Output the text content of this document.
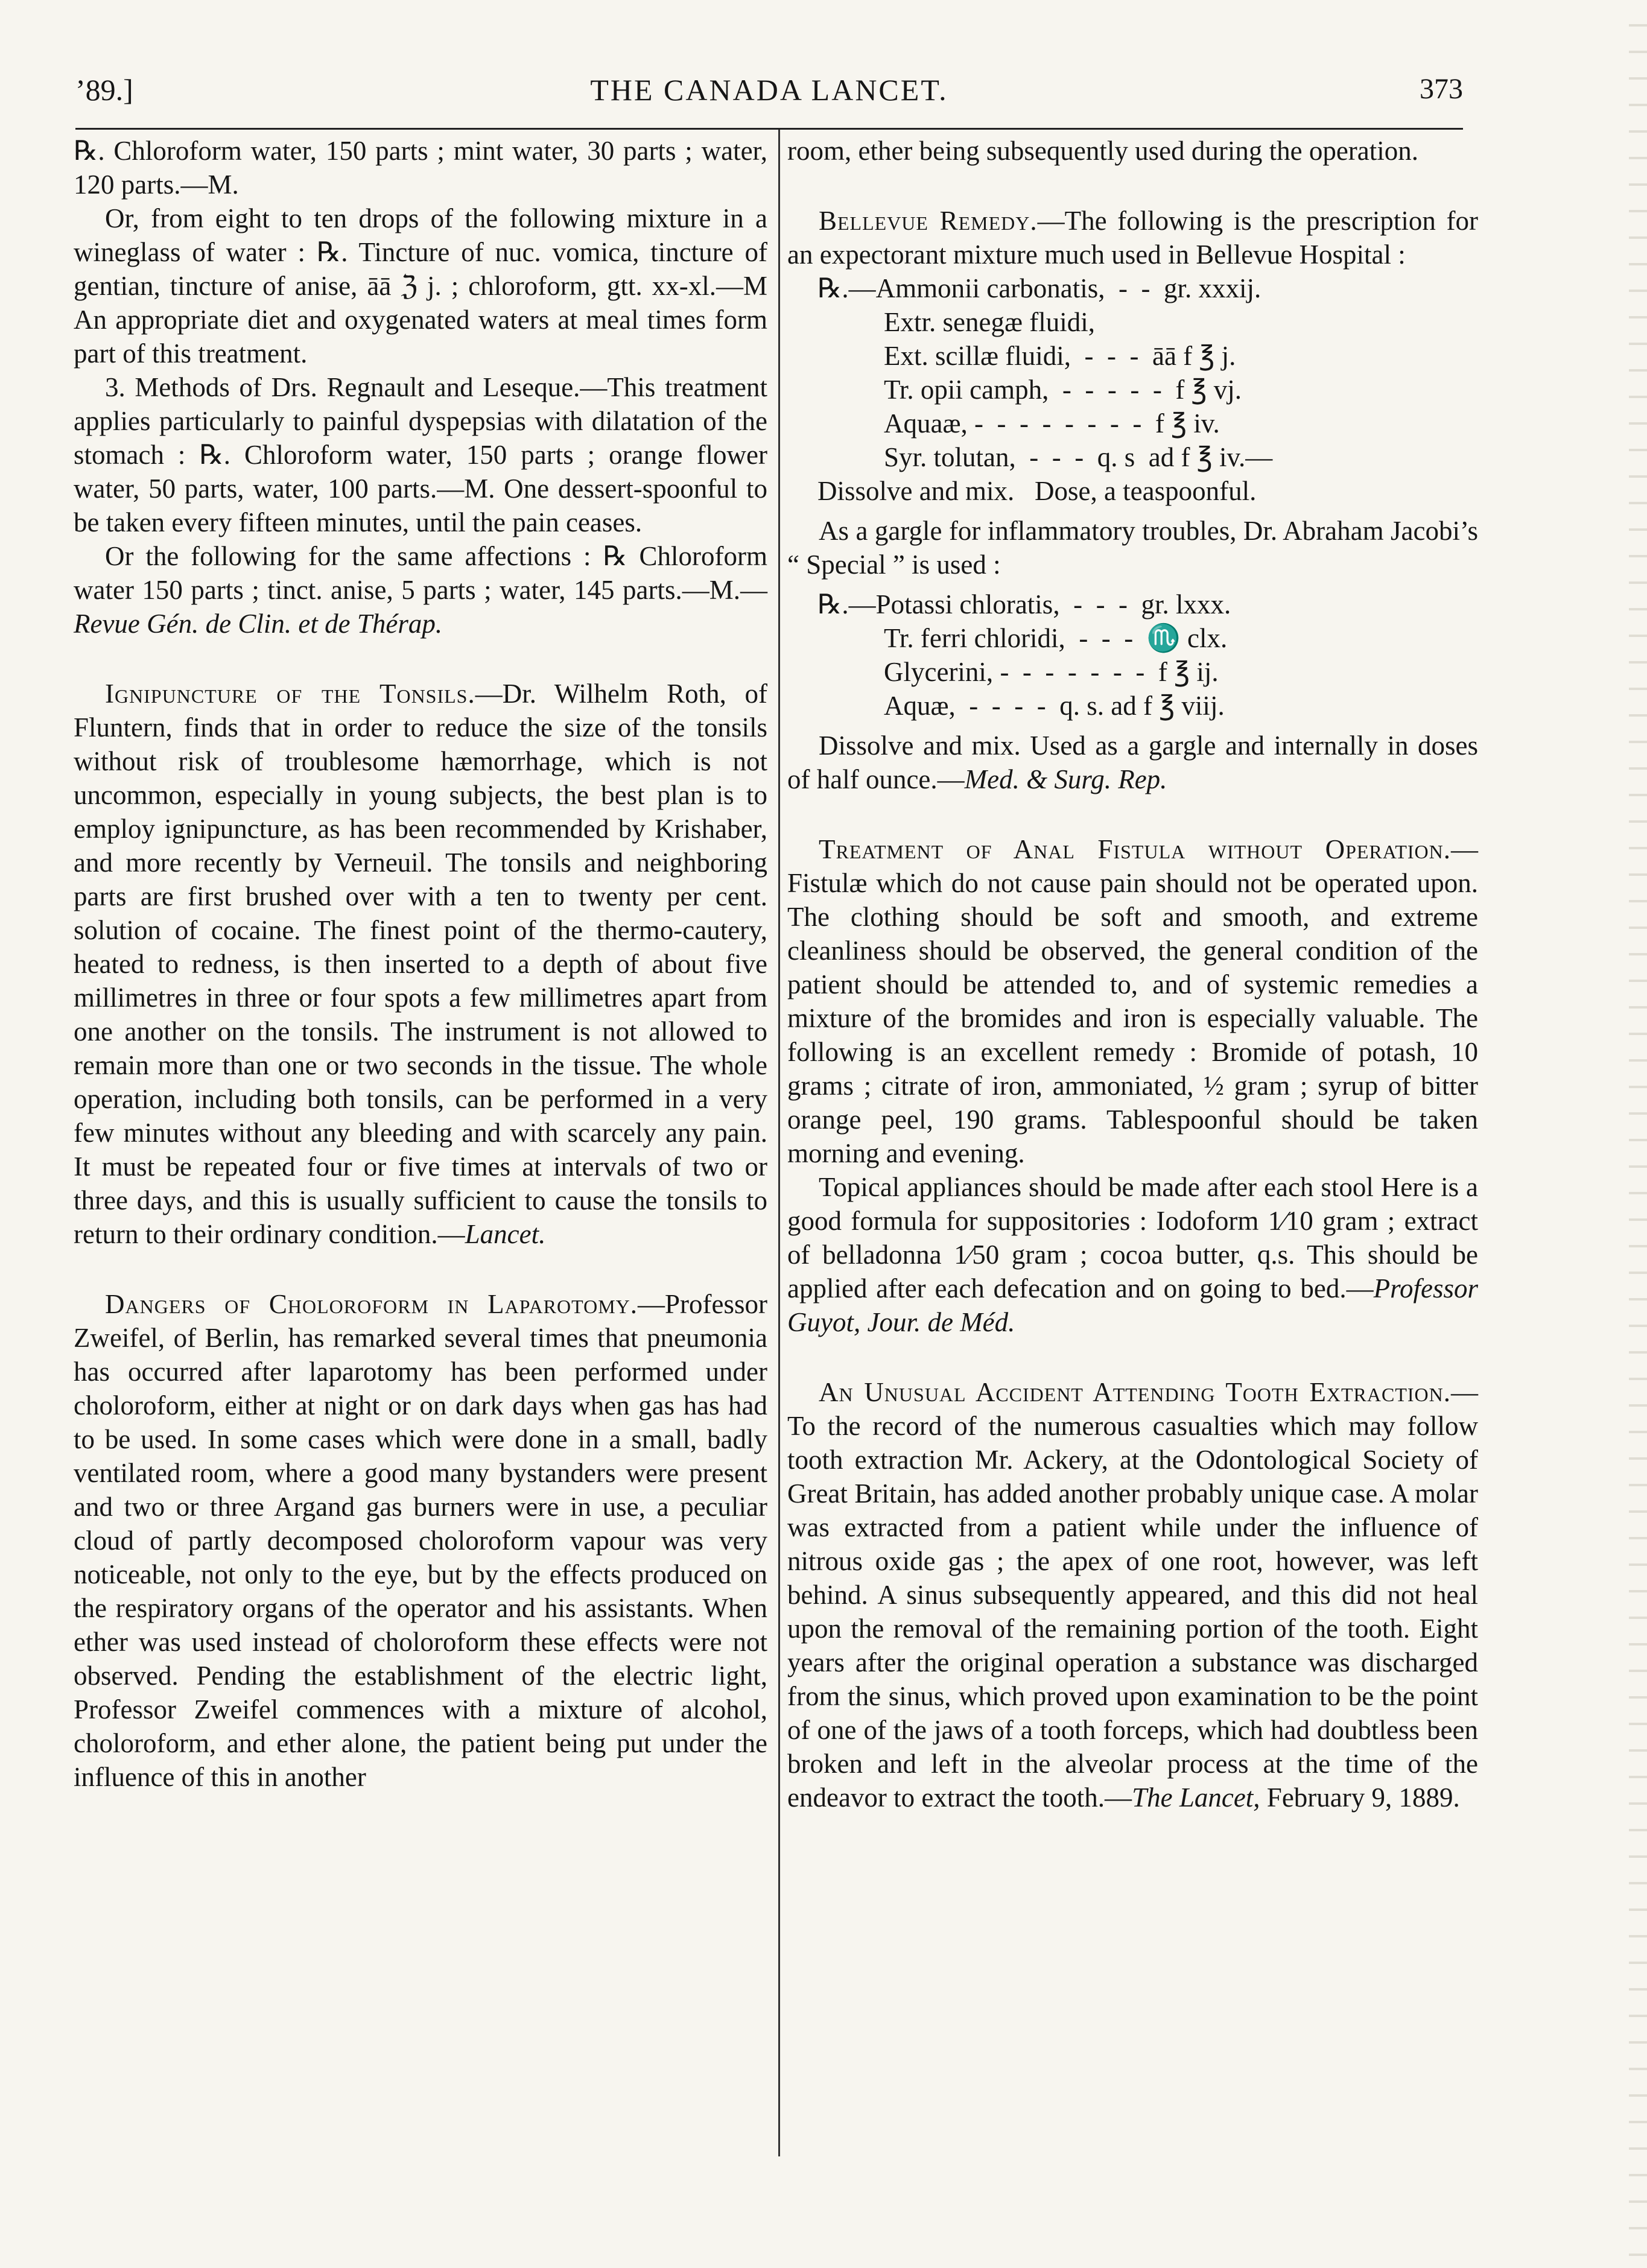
’89.]	THE CANADA LANCET.	373

℞. Chloroform water, 150 parts ; mint water, 30 parts ; water, 120 parts.—M.

Or, from eight to ten drops of the following mixture in a wineglass of water : ℞. Tincture of nuc. vomica, tincture of gentian, tincture of anise, āā ℨ j. ; chloroform, gtt. xx-xl.—M An appropriate diet and oxygenated waters at meal times form part of this treatment.

3. Methods of Drs. Regnault and Leseque.—This treatment applies particularly to painful dyspepsias with dilatation of the stomach : ℞. Chloroform water, 150 parts ; orange flower water, 50 parts, water, 100 parts.—M. One dessert-spoonful to be taken every fifteen minutes, until the pain ceases.

Or the following for the same affections : ℞ Chloroform water 150 parts ; tinct. anise, 5 parts ; water, 145 parts.—M.—Revue Gén. de Clin. et de Thérap.

Ignipuncture of the Tonsils.—Dr. Wilhelm Roth, of Fluntern, finds that in order to reduce the size of the tonsils without risk of troublesome hæmorrhage, which is not uncommon, especially in young subjects, the best plan is to employ ignipuncture, as has been recommended by Krishaber, and more recently by Verneuil. The tonsils and neighboring parts are first brushed over with a ten to twenty per cent. solution of cocaine. The finest point of the thermo-cautery, heated to redness, is then inserted to a depth of about five millimetres in three or four spots a few millimetres apart from one another on the tonsils. The instrument is not allowed to remain more than one or two seconds in the tissue. The whole operation, including both tonsils, can be performed in a very few minutes without any bleeding and with scarcely any pain. It must be repeated four or five times at intervals of two or three days, and this is usually sufficient to cause the tonsils to return to their ordinary condition.—Lancet.

Dangers of Choloroform in Laparotomy.—Professor Zweifel, of Berlin, has remarked several times that pneumonia has occurred after laparotomy has been performed under choloroform, either at night or on dark days when gas has had to be used. In some cases which were done in a small, badly ventilated room, where a good many bystanders were present and two or three Argand gas burners were in use, a peculiar cloud of partly decomposed choloroform vapour was very noticeable, not only to the eye, but by the effects produced on the respiratory organs of the operator and his assistants. When ether was used instead of choloroform these effects were not observed. Pending the establishment of the electric light, Professor Zweifel commences with a mixture of alcohol, choloroform, and ether alone, the patient being put under the influence of this in another

room, ether being subsequently used during the operation.

Bellevue Remedy.—The following is the prescription for an expectorant mixture much used in Bellevue Hospital :

℞.—Ammonii carbonatis, -  - gr. xxxij.
Extr. senegæ fluidi,
Ext. scillæ fluidi, -  -  - āā f ℥ j.
Tr. opii camph, -  -  -  -  - f ℥ vj.
Aquaæ, - -  -  -  -  -  -  - f ℥ iv.
Syr. tolutan, -  -  - q. s  ad f ℥ iv.—
Dissolve and mix.   Dose, a teaspoonful.

As a gargle for inflammatory troubles, Dr. Abraham Jacobi’s “ Special ” is used :

℞.—Potassi chloratis, -  -  - gr. lxxx.
Tr. ferri chloridi, -  -  - ♏ clx.
Glycerini, -  -  -  -  -  -  - f ℥ ij.
Aquæ, -  -  -  - q. s. ad f ℥ viij.

Dissolve and mix. Used as a gargle and internally in doses of half ounce.—Med. & Surg. Rep.

Treatment of Anal Fistula without Operation.—Fistulæ which do not cause pain should not be operated upon. The clothing should be soft and smooth, and extreme cleanliness should be observed, the general condition of the patient should be attended to, and of systemic remedies a mixture of the bromides and iron is especially valuable. The following is an excellent remedy : Bromide of potash, 10 grams ; citrate of iron, ammoniated, ½ gram ; syrup of bitter orange peel, 190 grams. Tablespoonful should be taken morning and evening.

Topical appliances should be made after each stool Here is a good formula for suppositories : Iodoform 1⁄10 gram ; extract of belladonna 1⁄50 gram ; cocoa butter, q.s. This should be applied after each defecation and on going to bed.—Professor Guyot, Jour. de Méd.

An Unusual Accident Attending Tooth Extraction.—To the record of the numerous casualties which may follow tooth extraction Mr. Ackery, at the Odontological Society of Great Britain, has added another probably unique case. A molar was extracted from a patient while under the influence of nitrous oxide gas ; the apex of one root, however, was left behind. A sinus subsequently appeared, and this did not heal upon the removal of the remaining portion of the tooth. Eight years after the original operation a substance was discharged from the sinus, which proved upon examination to be the point of one of the jaws of a tooth forceps, which had doubtless been broken and left in the alveolar process at the time of the endeavor to extract the tooth.—The Lancet, February 9, 1889.
